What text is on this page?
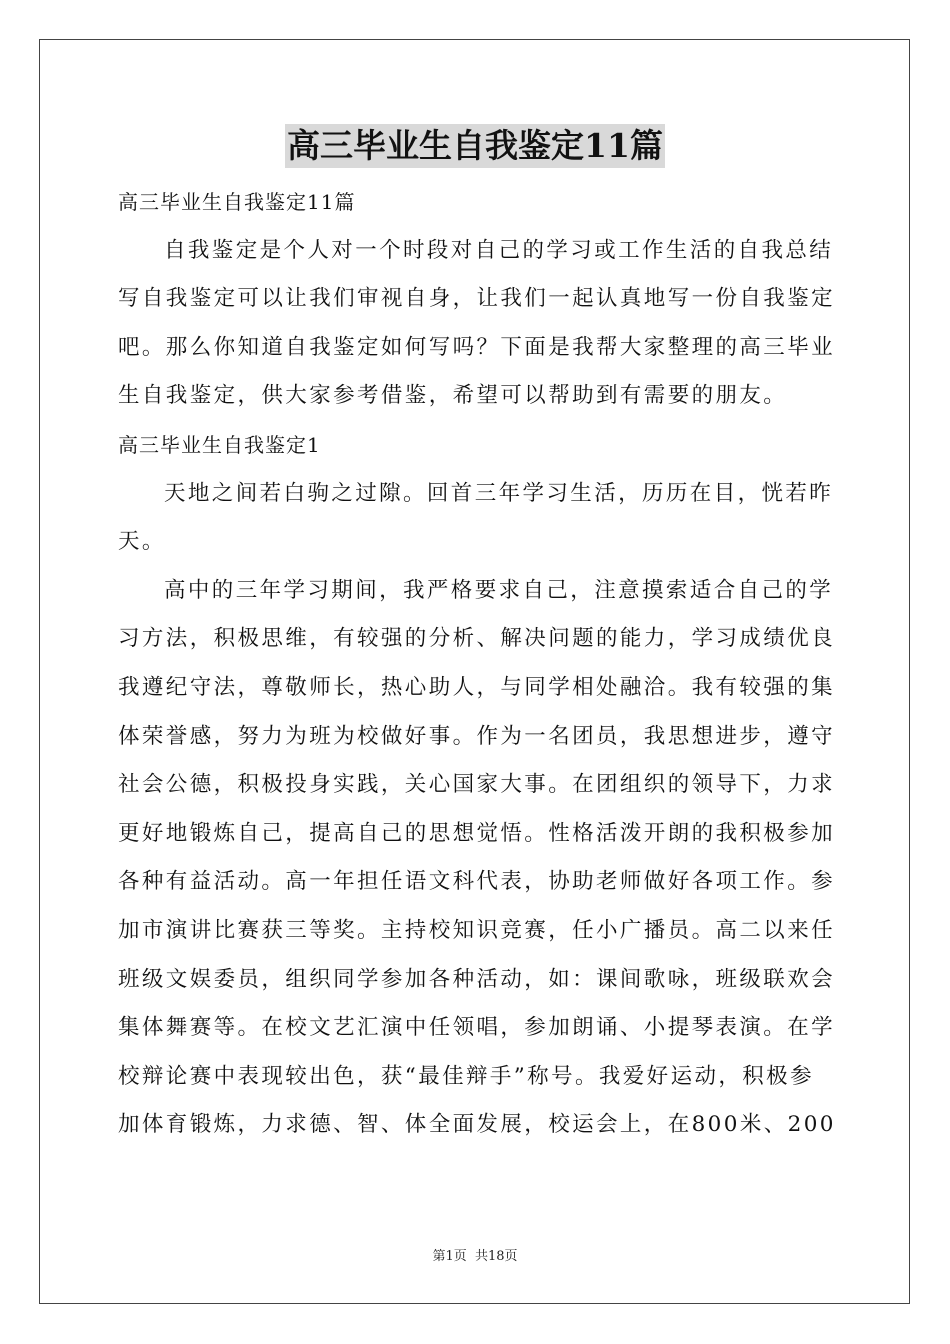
高三毕业生自我鉴定11篇
高三毕业生自我鉴定11篇
自我鉴定是个人对一个时段对自己的学习或工作生活的自我总结
写自我鉴定可以让我们审视自身，让我们一起认真地写一份自我鉴定
吧。那么你知道自我鉴定如何写吗？下面是我帮大家整理的高三毕业
生自我鉴定，供大家参考借鉴，希望可以帮助到有需要的朋友。
高三毕业生自我鉴定1
天地之间若白驹之过隙。回首三年学习生活，历历在目，恍若昨
天。
高中的三年学习期间，我严格要求自己，注意摸索适合自己的学
习方法，积极思维，有较强的分析、解决问题的能力，学习成绩优良
我遵纪守法，尊敬师长，热心助人，与同学相处融洽。我有较强的集
体荣誉感，努力为班为校做好事。作为一名团员，我思想进步，遵守
社会公德，积极投身实践，关心国家大事。在团组织的领导下，力求
更好地锻炼自己，提高自己的思想觉悟。性格活泼开朗的我积极参加
各种有益活动。高一年担任语文科代表，协助老师做好各项工作。参
加市演讲比赛获三等奖。主持校知识竞赛，任小广播员。高二以来任
班级文娱委员，组织同学参加各种活动，如：课间歌咏，班级联欢会
集体舞赛等。在校文艺汇演中任领唱，参加朗诵、小提琴表演。在学
校辩论赛中表现较出色，获“最佳辩手”称号。我爱好运动，积极参
加体育锻炼，力求德、智、体全面发展，校运会上，在800米、200
第1页 共18页
